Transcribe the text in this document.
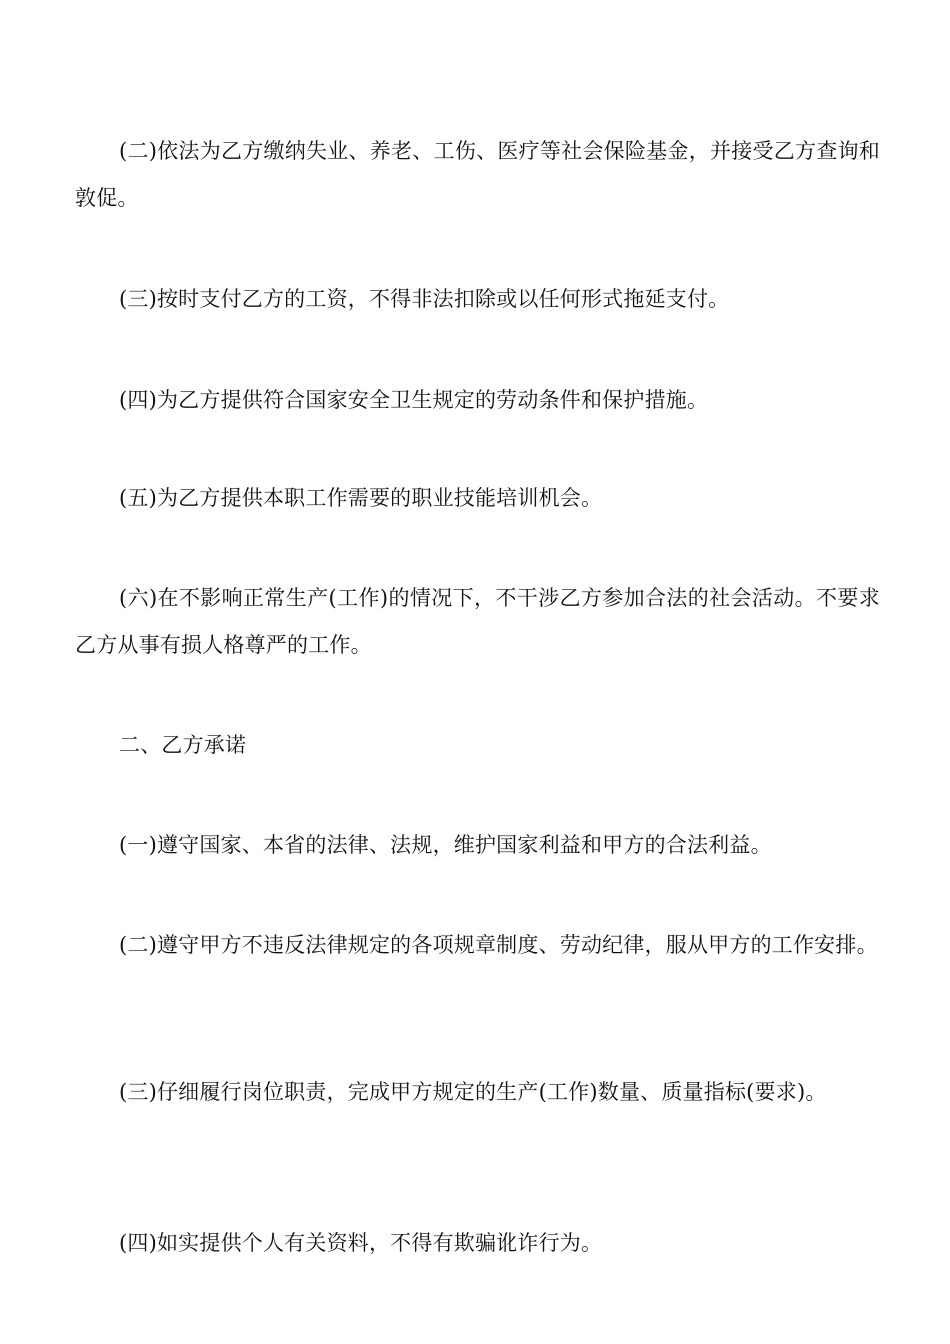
(二)依法为乙方缴纳失业、养老、工伤、医疗等社会保险基金，并接受乙方查询和敦促。

(三)按时支付乙方的工资，不得非法扣除或以任何形式拖延支付。

(四)为乙方提供符合国家安全卫生规定的劳动条件和保护措施。

(五)为乙方提供本职工作需要的职业技能培训机会。

(六)在不影响正常生产(工作)的情况下，不干涉乙方参加合法的社会活动。不要求乙方从事有损人格尊严的工作。

二、乙方承诺

(一)遵守国家、本省的法律、法规，维护国家利益和甲方的合法利益。

(二)遵守甲方不违反法律规定的各项规章制度、劳动纪律，服从甲方的工作安排。

(三)仔细履行岗位职责，完成甲方规定的生产(工作)数量、质量指标(要求)。

(四)如实提供个人有关资料，不得有欺骗讹诈行为。
